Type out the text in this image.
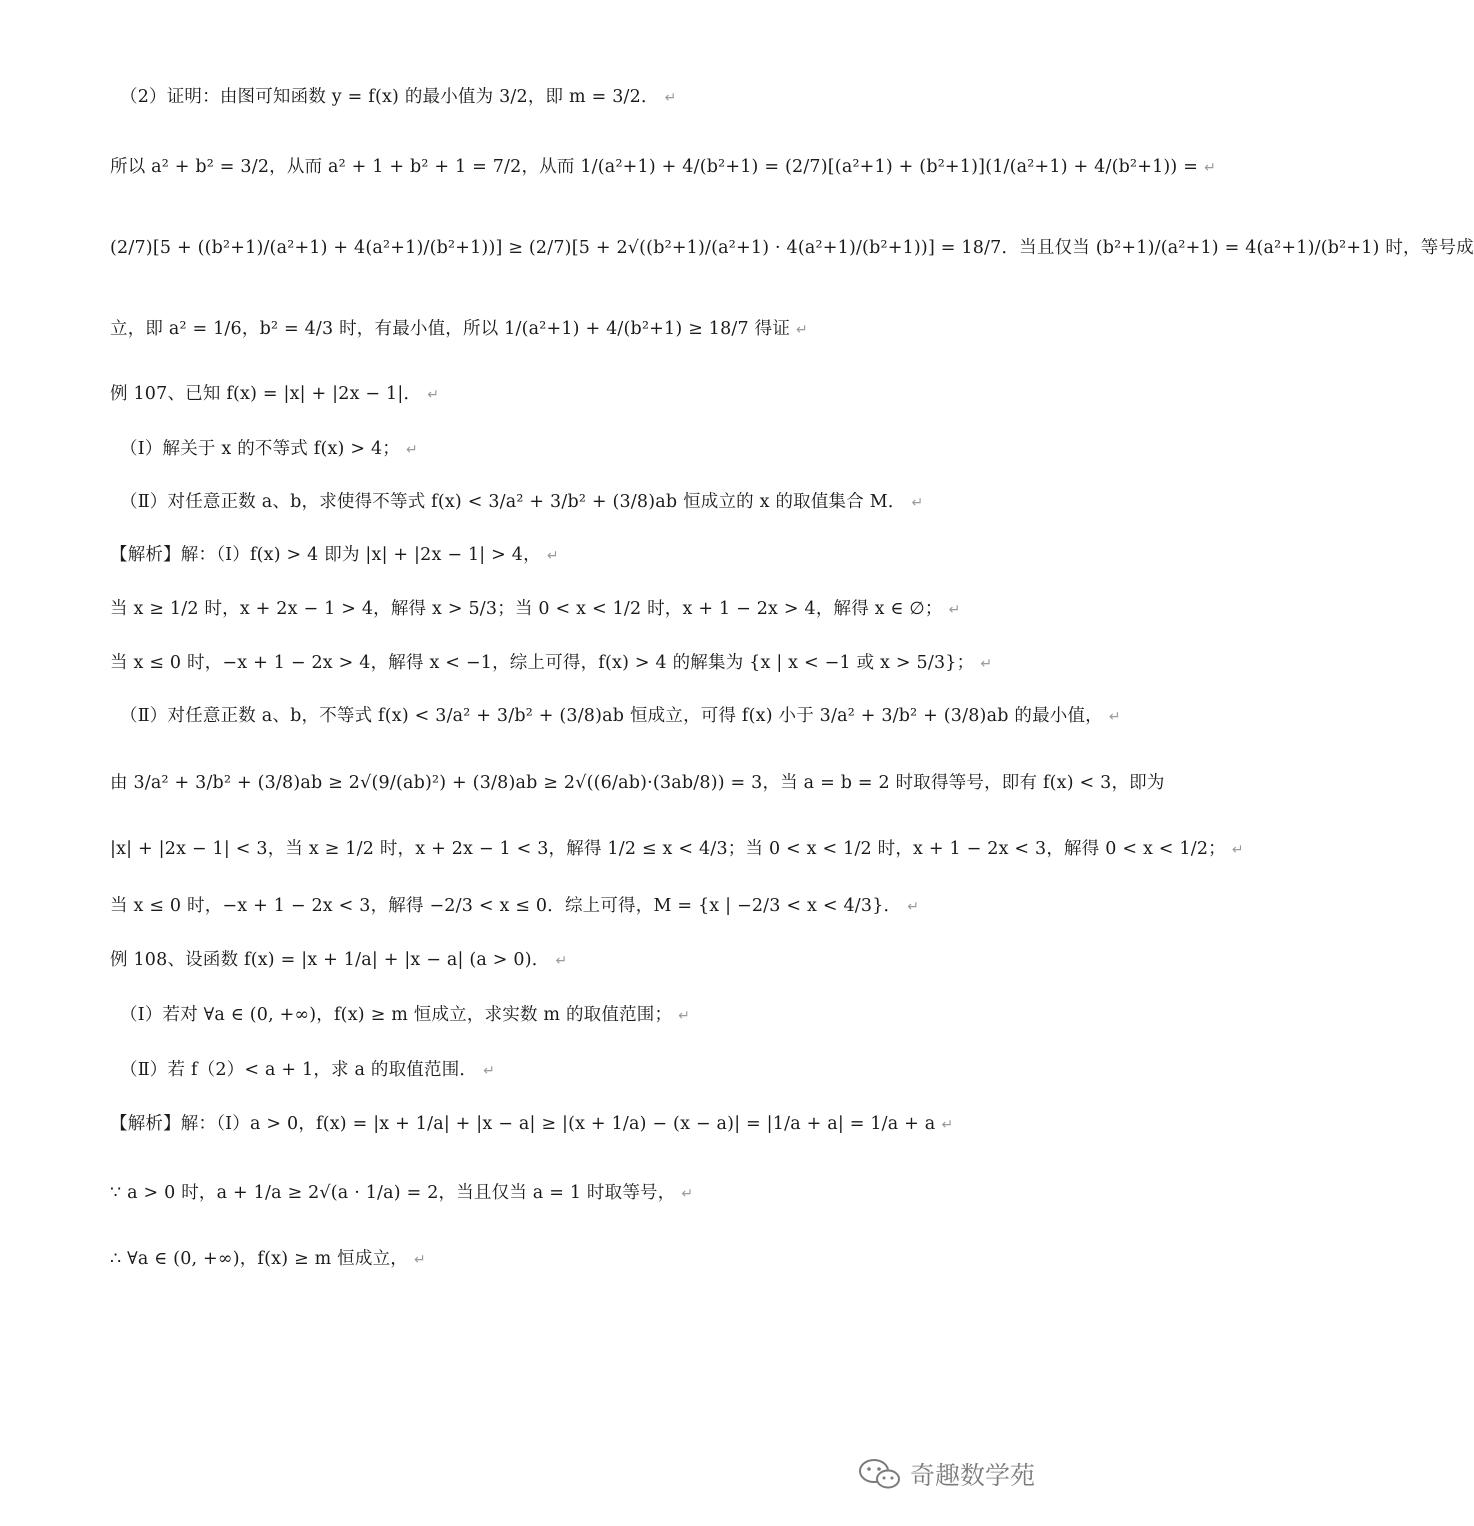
（2）证明：由图可知函数 y = f(x) 的最小值为 3/2，即 m = 3/2． ↵
所以 a² + b² = 3/2，从而 a² + 1 + b² + 1 = 7/2，从而 1/(a²+1) + 4/(b²+1) = (2/7)[(a²+1) + (b²+1)](1/(a²+1) + 4/(b²+1)) = ↵
(2/7)[5 + ((b²+1)/(a²+1) + 4(a²+1)/(b²+1))] ≥ (2/7)[5 + 2√((b²+1)/(a²+1) · 4(a²+1)/(b²+1))] = 18/7．当且仅当 (b²+1)/(a²+1) = 4(a²+1)/(b²+1) 时，等号成
立，即 a² = 1/6，b² = 4/3 时，有最小值，所以 1/(a²+1) + 4/(b²+1) ≥ 18/7 得证 ↵
例 107、已知 f(x) = |x| + |2x − 1|． ↵
（Ⅰ）解关于 x 的不等式 f(x) > 4； ↵
（Ⅱ）对任意正数 a、b，求使得不等式 f(x) < 3/a² + 3/b² + (3/8)ab 恒成立的 x 的取值集合 M． ↵
【解析】解：（Ⅰ）f(x) > 4 即为 |x| + |2x − 1| > 4， ↵
当 x ≥ 1/2 时，x + 2x − 1 > 4，解得 x > 5/3；当 0 < x < 1/2 时，x + 1 − 2x > 4，解得 x ∈ ∅； ↵
当 x ≤ 0 时，−x + 1 − 2x > 4，解得 x < −1，综上可得，f(x) > 4 的解集为 {x | x < −1 或 x > 5/3}； ↵
（Ⅱ）对任意正数 a、b，不等式 f(x) < 3/a² + 3/b² + (3/8)ab 恒成立，可得 f(x) 小于 3/a² + 3/b² + (3/8)ab 的最小值， ↵
由 3/a² + 3/b² + (3/8)ab ≥ 2√(9/(ab)²) + (3/8)ab ≥ 2√((6/ab)·(3ab/8)) = 3，当 a = b = 2 时取得等号，即有 f(x) < 3，即为
|x| + |2x − 1| < 3，当 x ≥ 1/2 时，x + 2x − 1 < 3，解得 1/2 ≤ x < 4/3；当 0 < x < 1/2 时，x + 1 − 2x < 3，解得 0 < x < 1/2； ↵
当 x ≤ 0 时，−x + 1 − 2x < 3，解得 −2/3 < x ≤ 0．综上可得，M = {x | −2/3 < x < 4/3}． ↵
例 108、设函数 f(x) = |x + 1/a| + |x − a| (a > 0)． ↵
（Ⅰ）若对 ∀a ∈ (0, +∞)，f(x) ≥ m 恒成立，求实数 m 的取值范围； ↵
（Ⅱ）若 f（2）< a + 1，求 a 的取值范围． ↵
【解析】解：（Ⅰ）a > 0，f(x) = |x + 1/a| + |x − a| ≥ |(x + 1/a) − (x − a)| = |1/a + a| = 1/a + a ↵
∵ a > 0 时，a + 1/a ≥ 2√(a · 1/a) = 2，当且仅当 a = 1 时取等号， ↵
∴ ∀a ∈ (0, +∞)，f(x) ≥ m 恒成立， ↵
奇趣数学苑
